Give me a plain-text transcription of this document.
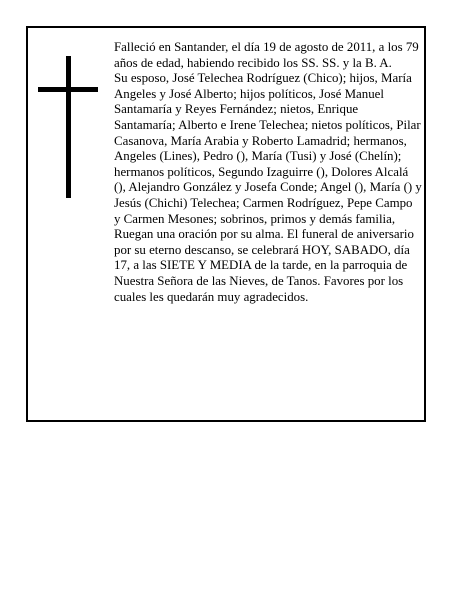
Falleció en Santander, el día 19 de agosto de 2011, a los 79 años de edad, habiendo recibido los SS. SS. y la B. A.

Su esposo, José Telechea Rodríguez (Chico); hijos, María Angeles y José Alberto; hijos políticos, José Manuel Santamaría y Reyes Fernández; nietos, Enrique Santamaría; Alberto e Irene Telechea; nietos políticos, Pilar Casanova, María Arabia y Roberto Lamadrid; hermanos, Angeles (Lines), Pedro (), María (Tusi) y José (Chelín); hermanos políticos, Segundo Izaguirre (), Dolores Alcalá (), Alejandro González y Josefa Conde; Angel (), María () y Jesús (Chichi) Telechea; Carmen Rodríguez, Pepe Campo y Carmen Mesones; sobrinos, primos y demás familia,

Ruegan una oración por su alma. El funeral de aniversario por su eterno descanso, se celebrará HOY, SABADO, día 17, a las SIETE Y MEDIA de la tarde, en la parroquia de Nuestra Señora de las Nieves, de Tanos. Favores por los cuales les quedarán muy agradecidos.
